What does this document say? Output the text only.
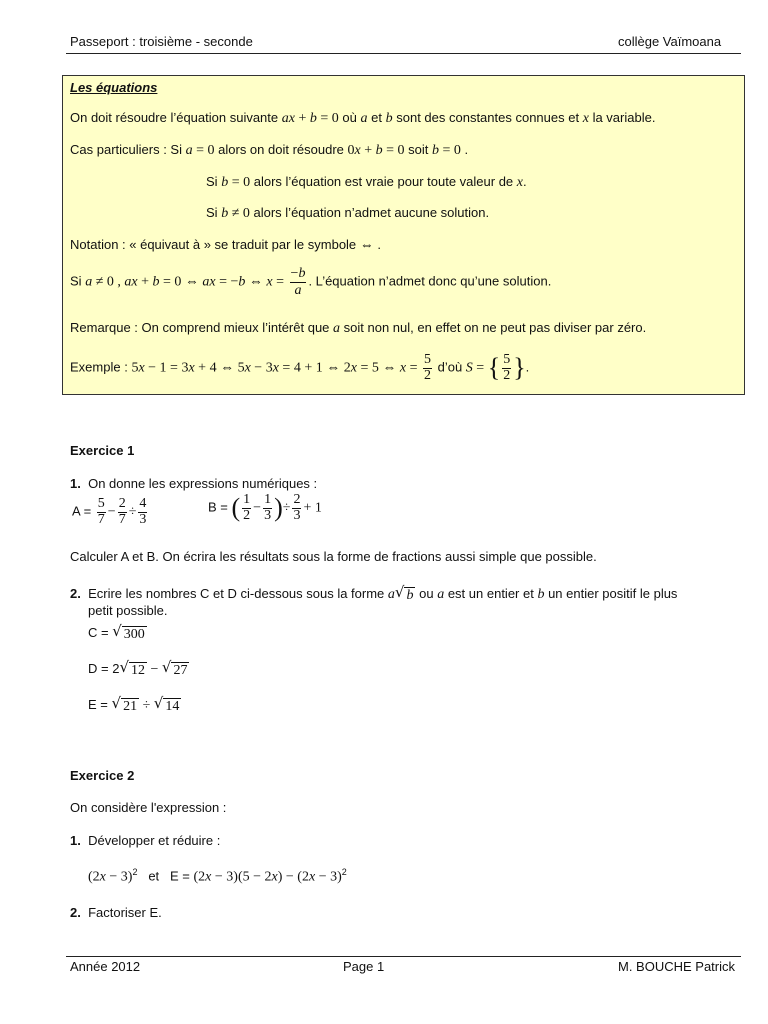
Passeport : troisième - seconde	collège Vaïmoana
Les équations
On doit résoudre l’équation suivante ax + b = 0 où a et b sont des constantes connues et x la variable.
Cas particuliers : Si a = 0 alors on doit résoudre 0x + b = 0 soit b = 0 .
Si b = 0 alors l’équation est vraie pour toute valeur de x.
Si b ≠ 0 alors l’équation n’admet aucune solution.
Notation : « équivaut à » se traduit par le symbole ⇔ .
Si a ≠ 0 , ax + b = 0 ⇔ ax = −b ⇔ $x = \frac{-b}{a}$ . L’équation n’admet donc qu’une solution.
Remarque : On comprend mieux l’intérêt que a soit non nul, en effet on ne peut pas diviser par zéro.
Exemple : 5x − 1 = 3x + 4 ⇔ 5x − 3x = 4 + 1 ⇔ 2x = 5 ⇔ $x = \frac{5}{2}$ d’où S = { $\frac{5}{2}$ }.
Exercice 1
1. On donne les expressions numériques :
$A = \frac{5}{7} - \frac{2}{7} \div \frac{4}{3}$	B = ( $\frac{1}{2} - \frac{1}{3}$ )÷ $\frac{2}{3} + 1$
Calculer A et B. On écrira les résultats sous la forme de fractions aussi simple que possible.
2. Ecrire les nombres C et D ci-dessous sous la forme a √ b ou a est un entier et b un entier positif le plus
petit possible.
C = √ 300
D = 2 √ 12 − √ 27
E = √ 21 ÷ √ 14
Exercice 2
On considère l'expression :
1. Développer et réduire :
$(2x - 3)^2$ et $E = (2x - 3)(5 - 2x) - (2x - 3)^2$
2. Factoriser E.
Année 2012	Page 1	M. BOUCHE Patrick
